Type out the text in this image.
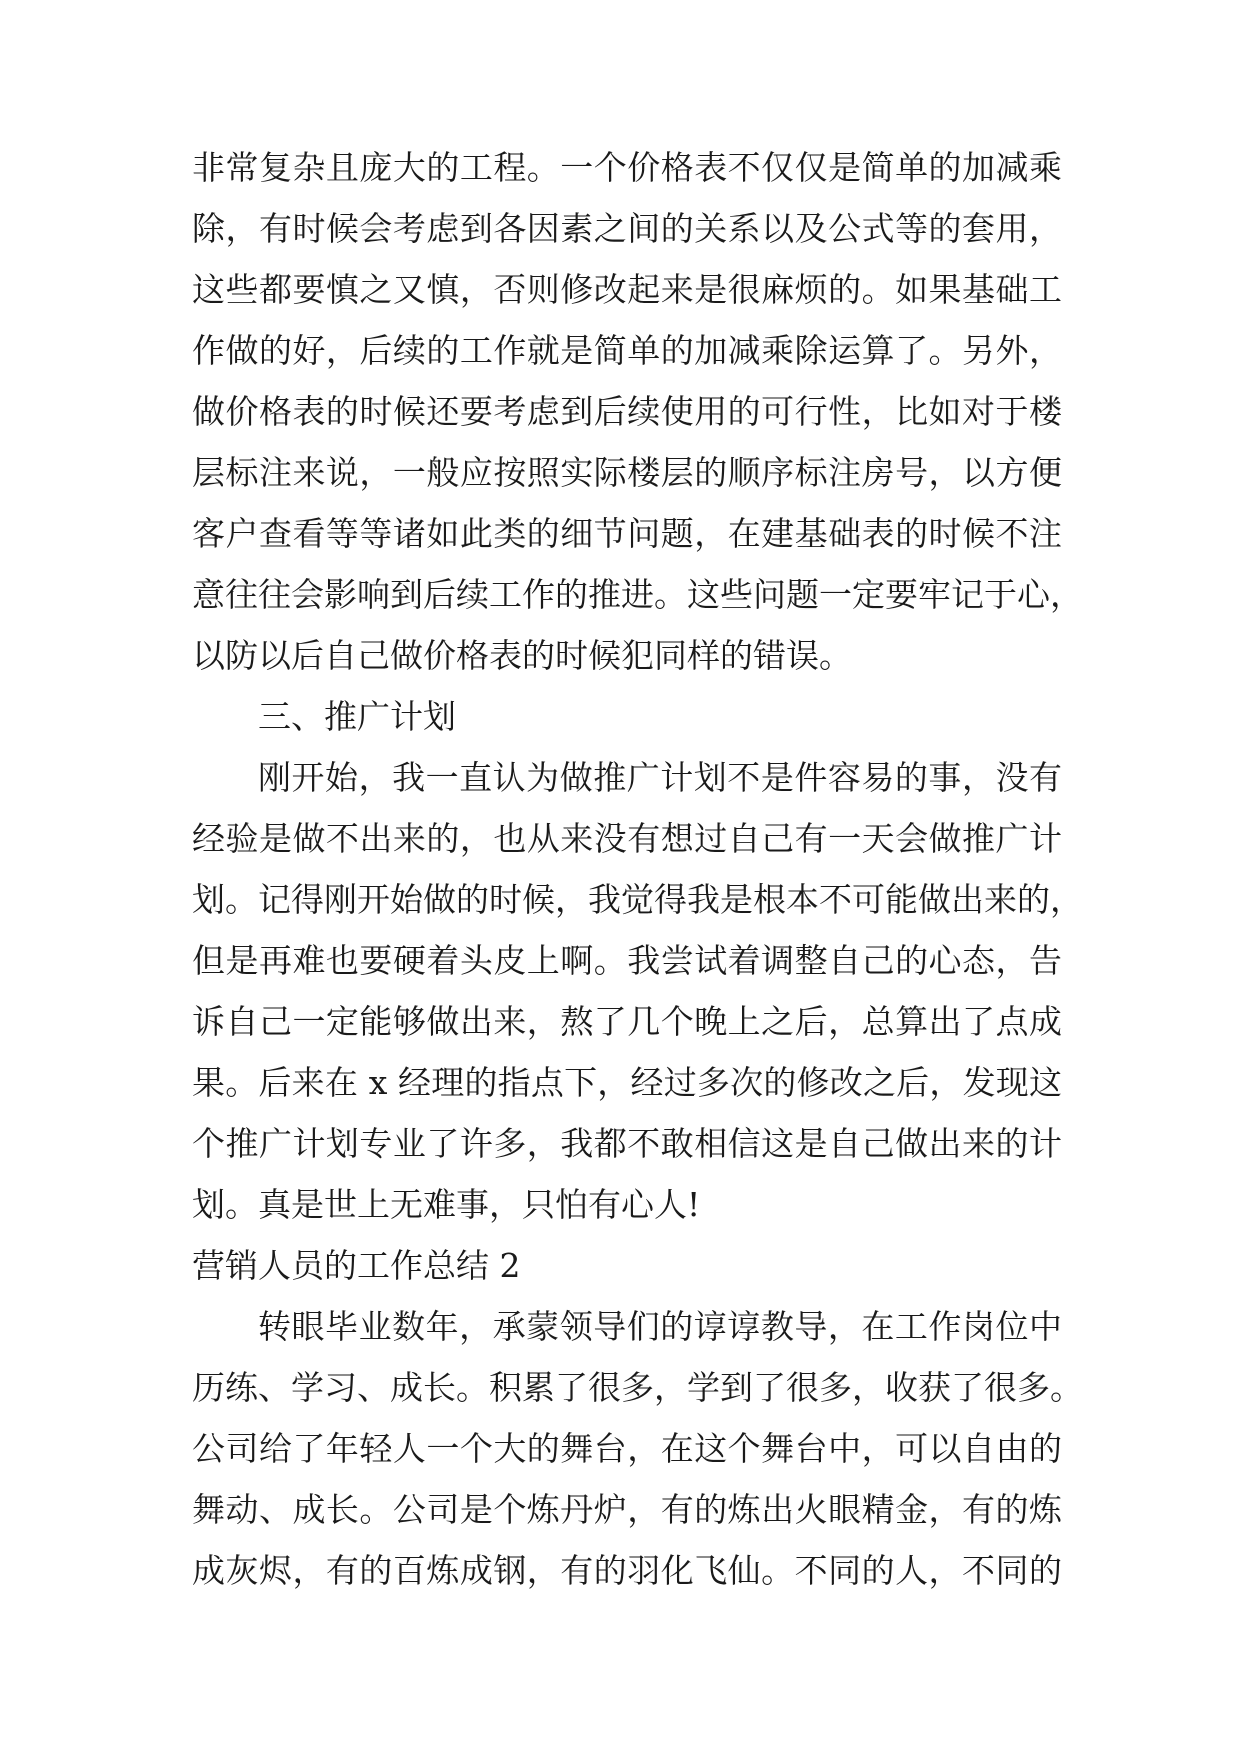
非常复杂且庞大的工程。一个价格表不仅仅是简单的加减乘
除，有时候会考虑到各因素之间的关系以及公式等的套用，
这些都要慎之又慎，否则修改起来是很麻烦的。如果基础工
作做的好，后续的工作就是简单的加减乘除运算了。另外，
做价格表的时候还要考虑到后续使用的可行性，比如对于楼
层标注来说，一般应按照实际楼层的顺序标注房号，以方便
客户查看等等诸如此类的细节问题，在建基础表的时候不注
意往往会影响到后续工作的推进。这些问题一定要牢记于心，
以防以后自己做价格表的时候犯同样的错误。
三、推广计划
刚开始，我一直认为做推广计划不是件容易的事，没有
经验是做不出来的，也从来没有想过自己有一天会做推广计
划。记得刚开始做的时候，我觉得我是根本不可能做出来的，
但是再难也要硬着头皮上啊。我尝试着调整自己的心态，告
诉自己一定能够做出来，熬了几个晚上之后，总算出了点成
果。后来在 x 经理的指点下，经过多次的修改之后，发现这
个推广计划专业了许多，我都不敢相信这是自己做出来的计
划。真是世上无难事，只怕有心人!
营销人员的工作总结 2
转眼毕业数年，承蒙领导们的谆谆教导，在工作岗位中
历练、学习、成长。积累了很多，学到了很多，收获了很多。
公司给了年轻人一个大的舞台，在这个舞台中，可以自由的
舞动、成长。公司是个炼丹炉，有的炼出火眼精金，有的炼
成灰烬，有的百炼成钢，有的羽化飞仙。不同的人，不同的
